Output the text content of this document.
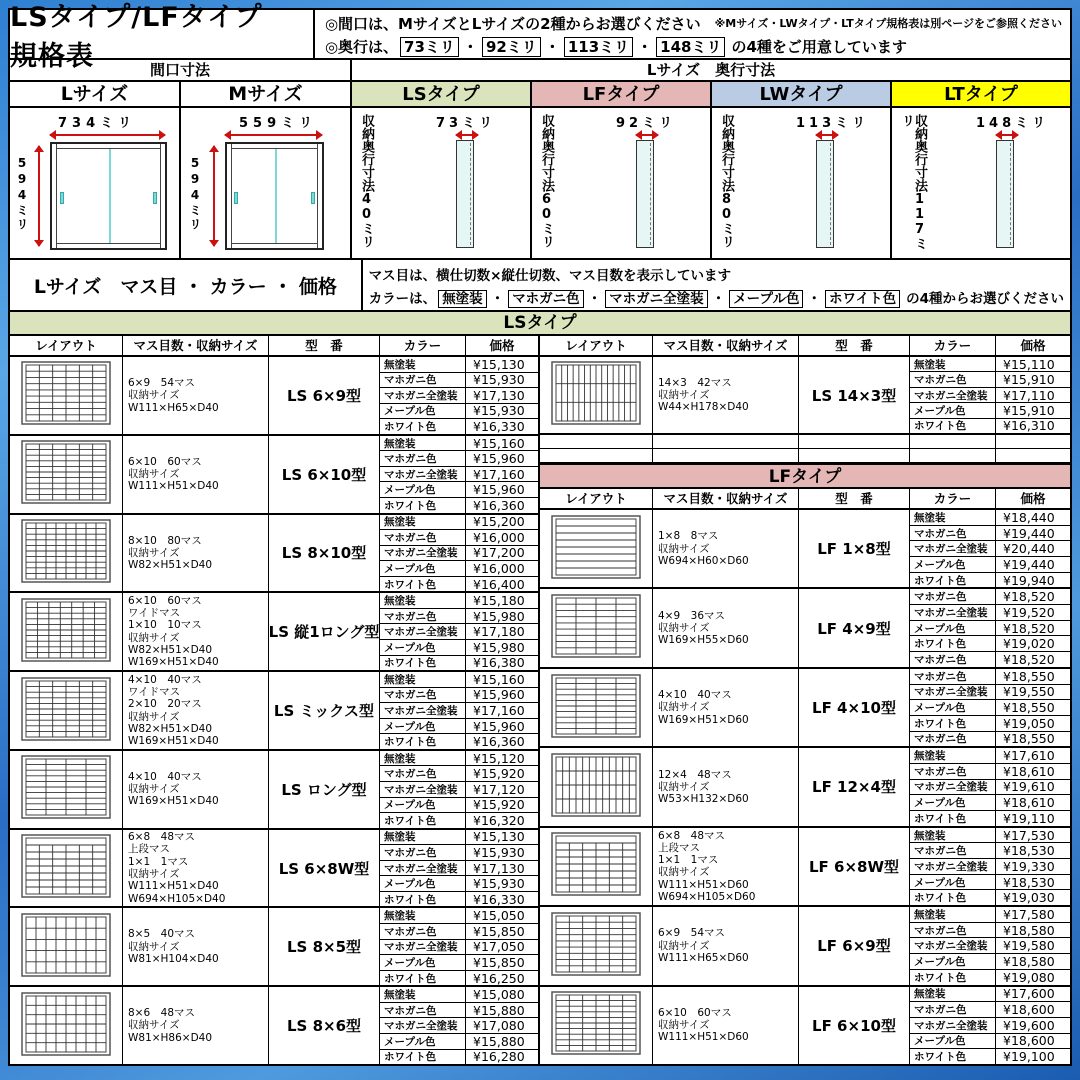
LSタイプ/LFタイプ　規格表
◎間口は、MサイズとLサイズの2種からお選びください ※Mサイズ・LWタイプ・LTタイプ規格表は別ページをご参照ください
◎奥行は、 73ミリ ・ 92ミリ ・ 113ミリ ・ 148ミリ の4種をご用意しています
間口寸法
Lサイズ
734ミリ
594ミリ
Mサイズ
559ミリ
594ミリ
Lサイズ　奥行寸法
LSタイプ
収納奥行寸法40ミリ	73ミリ
LFタイプ
収納奥行寸法60ミリ	92ミリ
LWタイプ
収納奥行寸法80ミリ	113ミリ
LTタイプ
収納奥行寸法117ミリ	148ミリ
Lサイズ　マス目 ・ カラー ・ 価格	マス目は、横仕切数×縦仕切数、マス目数を表示しています
カラーは、 無塗装 ・ マホガニ色 ・ マホガニ全塗装 ・ メープル色 ・ ホワイト色 の4種からお選びください
LSタイプ
レイアウト	マス目数・収納サイズ	型　番	カラー	価格
6×9　54マス
収納サイズ
W111×H65×D40
LS 6×9型
無塗装	¥15,130
マホガニ色	¥15,930
マホガニ全塗装	¥17,130
メープル色	¥15,930
ホワイト色	¥16,330
6×10　60マス
収納サイズ
W111×H51×D40
LS 6×10型
無塗装	¥15,160
マホガニ色	¥15,960
マホガニ全塗装	¥17,160
メープル色	¥15,960
ホワイト色	¥16,360
8×10　80マス
収納サイズ
W82×H51×D40
LS 8×10型
無塗装	¥15,200
マホガニ色	¥16,000
マホガニ全塗装	¥17,200
メープル色	¥16,000
ホワイト色	¥16,400
6×10　60マス
ワイドマス
1×10　10マス
収納サイズ
W82×H51×D40
W169×H51×D40
LS 縦1ロング型
無塗装	¥15,180
マホガニ色	¥15,980
マホガニ全塗装	¥17,180
メープル色	¥15,980
ホワイト色	¥16,380
4×10　40マス
ワイドマス
2×10　20マス
収納サイズ
W82×H51×D40
W169×H51×D40
LS ミックス型
無塗装	¥15,160
マホガニ色	¥15,960
マホガニ全塗装	¥17,160
メープル色	¥15,960
ホワイト色	¥16,360
4×10　40マス
収納サイズ
W169×H51×D40
LS ロング型
無塗装	¥15,120
マホガニ色	¥15,920
マホガニ全塗装	¥17,120
メープル色	¥15,920
ホワイト色	¥16,320
6×8　48マス
上段マス
1×1　1マス
収納サイズ
W111×H51×D40
W694×H105×D40
LS 6×8W型
無塗装	¥15,130
マホガニ色	¥15,930
マホガニ全塗装	¥17,130
メープル色	¥15,930
ホワイト色	¥16,330
8×5　40マス
収納サイズ
W81×H104×D40
LS 8×5型
無塗装	¥15,050
マホガニ色	¥15,850
マホガニ全塗装	¥17,050
メープル色	¥15,850
ホワイト色	¥16,250
8×6　48マス
収納サイズ
W81×H86×D40
LS 8×6型
無塗装	¥15,080
マホガニ色	¥15,880
マホガニ全塗装	¥17,080
メープル色	¥15,880
ホワイト色	¥16,280
レイアウト	マス目数・収納サイズ	型　番	カラー	価格
14×3　42マス
収納サイズ
W44×H178×D40
LS 14×3型
無塗装	¥15,110
マホガニ色	¥15,910
マホガニ全塗装	¥17,110
メープル色	¥15,910
ホワイト色	¥16,310
LFタイプ
レイアウト	マス目数・収納サイズ	型　番	カラー	価格
1×8　8マス
収納サイズ
W694×H60×D60
LF 1×8型
無塗装	¥18,440
マホガニ色	¥19,440
マホガニ全塗装	¥20,440
メープル色	¥19,440
ホワイト色	¥19,940
4×9　36マス
収納サイズ
W169×H55×D60
LF 4×9型
マホガニ色	¥18,520
マホガニ全塗装	¥19,520
メープル色	¥18,520
ホワイト色	¥19,020
マホガニ色	¥18,520
4×10　40マス
収納サイズ
W169×H51×D60
LF 4×10型
マホガニ色	¥18,550
マホガニ全塗装	¥19,550
メープル色	¥18,550
ホワイト色	¥19,050
マホガニ色	¥18,550
12×4　48マス
収納サイズ
W53×H132×D60
LF 12×4型
無塗装	¥17,610
マホガニ色	¥18,610
マホガニ全塗装	¥19,610
メープル色	¥18,610
ホワイト色	¥19,110
6×8　48マス
上段マス
1×1　1マス
収納サイズ
W111×H51×D60
W694×H105×D60
LF 6×8W型
無塗装	¥17,530
マホガニ色	¥18,530
マホガニ全塗装	¥19,330
メープル色	¥18,530
ホワイト色	¥19,030
6×9　54マス
収納サイズ
W111×H65×D60
LF 6×9型
無塗装	¥17,580
マホガニ色	¥18,580
マホガニ全塗装	¥19,580
メープル色	¥18,580
ホワイト色	¥19,080
6×10　60マス
収納サイズ
W111×H51×D60
LF 6×10型
無塗装	¥17,600
マホガニ色	¥18,600
マホガニ全塗装	¥19,600
メープル色	¥18,600
ホワイト色	¥19,100
